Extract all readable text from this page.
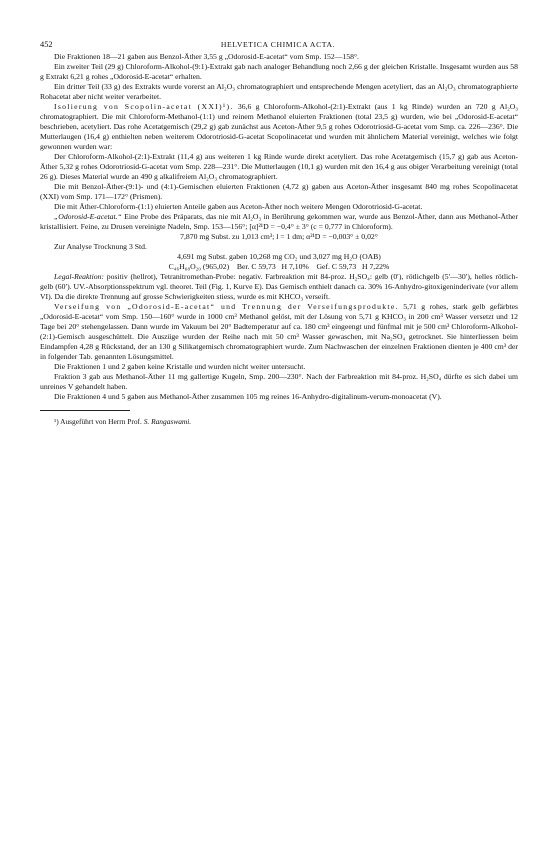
452	HELVETICA CHIMICA ACTA.

Die Fraktionen 18—21 gaben aus Benzol-Äther 3,55 g „Odorosid-E-acetat“ vom Smp. 152—158°.

Ein zweiter Teil (29 g) Chloroform-Alkohol-(9:1)-Extrakt gab nach analoger Behandlung noch 2,66 g der gleichen Kristalle. Insgesamt wurden aus 58 g Extrakt 6,21 g rohes „Odorosid-E-acetat“ erhalten.

Ein dritter Teil (33 g) des Extrakts wurde vorerst an Al₂O₃ chromatographiert und entsprechende Mengen acetyliert, das an Al₂O₃ chromatographierte Rohacetat aber nicht weiter verarbeitet.

Isolierung von Scopolin-acetat (XXI)¹). 36,6 g Chloroform-Alkohol-(2:1)-Extrakt (aus 1 kg Rinde) wurden an 720 g Al₂O₃ chromatographiert. Die mit Chloroform-Methanol-(1:1) und reinem Methanol eluierten Fraktionen (total 23,5 g) wurden, wie bei „Odorosid-E-acetat“ beschrieben, acetyliert. Das rohe Acetatgemisch (29,2 g) gab zunächst aus Aceton-Äther 9,5 g rohes Odorotriosid-G-acetat vom Smp. ca. 226—236°. Die Mutterlaugen (16,4 g) enthielten neben weiterem Odorotriosid-G-acetat Scopolinacetat und wurden mit ähnlichem Material vereinigt, welches wie folgt gewonnen wurden war:

Der Chloroform-Alkohol-(2:1)-Extrakt (11,4 g) aus weiteren 1 kg Rinde wurde direkt acetyliert. Das rohe Acetatgemisch (15,7 g) gab aus Aceton-Äther 5,32 g rohes Odorotriosid-G-acetat vom Smp. 228—231°. Die Mutterlaugen (10,1 g) wurden mit den 16,4 g aus obiger Verarbeitung vereinigt (total 26 g). Dieses Material wurde an 490 g alkalifreiem Al₂O₃ chromatographiert.

Die mit Benzol-Äther-(9:1)- und (4:1)-Gemischen eluierten Fraktionen (4,72 g) gaben aus Aceton-Äther insgesamt 840 mg rohes Scopolinacetat (XXI) vom Smp. 171—172° (Prismen).

Die mit Äther-Chloroform-(1:1) eluierten Anteile gaben aus Aceton-Äther noch weitere Mengen Odorotriosid-G-acetat.

„Odorosid-E-acetat.“ Eine Probe des Präparats, das nie mit Al₂O₃ in Berührung gekommen war, wurde aus Benzol-Äther, dann aus Methanol-Äther kristallisiert. Feine, zu Drusen vereinigte Nadeln, Smp. 153—156°; [α]²¹D = −0,4° ± 3° (c = 0,777 in Chloroform).

7,870 mg Subst. zu 1,013 cm³; l = 1 dm; α²¹D = −0,003° ± 0,02°

Zur Analyse Trocknung 3 Std.

4,691 mg Subst. gaben 10,268 mg CO₂ und 3,027 mg H₂O (OAB)

C₄₆H₆₈O₂₀ (965,02)    Ber. C 59,73   H 7,10%    Gef. C 59,73   H 7,22%

Legal-Reaktion: positiv (hellrot), Tetranitromethan-Probe: negativ. Farbreaktion mit 84-proz. H₂SO₄: gelb (0′), rötlichgelb (5′—30′), helles rötlich-gelb (60′). UV.-Absorptionsspektrum vgl. theoret. Teil (Fig. 1, Kurve E). Das Gemisch enthielt danach ca. 30% 16-Anhydro-gitoxigeninderivate (vor allem VI). Da die direkte Trennung auf grosse Schwierigkeiten stiess, wurde es mit KHCO₃ verseift.

Verseifung von „Odorosid-E-acetat“ und Trennung der Verseifungsprodukte. 5,71 g rohes, stark gelb gefärbtes „Odorosid-E-acetat“ vom Smp. 150—160° wurde in 1000 cm³ Methanol gelöst, mit der Lösung von 5,71 g KHCO₃ in 200 cm³ Wasser versetzt und 12 Tage bei 20° stehengelassen. Dann wurde im Vakuum bei 20° Badtemperatur auf ca. 180 cm³ eingeengt und fünfmal mit je 500 cm³ Chloroform-Alkohol-(2:1)-Gemisch ausgeschüttelt. Die Auszüge wurden der Reihe nach mit 50 cm³ Wasser gewaschen, mit Na₂SO₄ getrocknet. Sie hinterliessen beim Eindampfen 4,28 g Rückstand, der an 130 g Silikatgemisch chromatographiert wurde. Zum Nachwaschen der einzelnen Fraktionen dienten je 400 cm³ der in folgender Tab. genannten Lösungsmittel.

Die Fraktionen 1 und 2 gaben keine Kristalle und wurden nicht weiter untersucht.

Fraktion 3 gab aus Methanol-Äther 11 mg gallertige Kugeln, Smp. 200—230°. Nach der Farbreaktion mit 84-proz. H₂SO₄ dürfte es sich dabei um unreines V gehandelt haben.

Die Fraktionen 4 und 5 gaben aus Methanol-Äther zusammen 105 mg reines 16-Anhydro-digitalinum-verum-monoacetat (V).

¹) Ausgeführt von Herrn Prof. S. Rangaswami.
